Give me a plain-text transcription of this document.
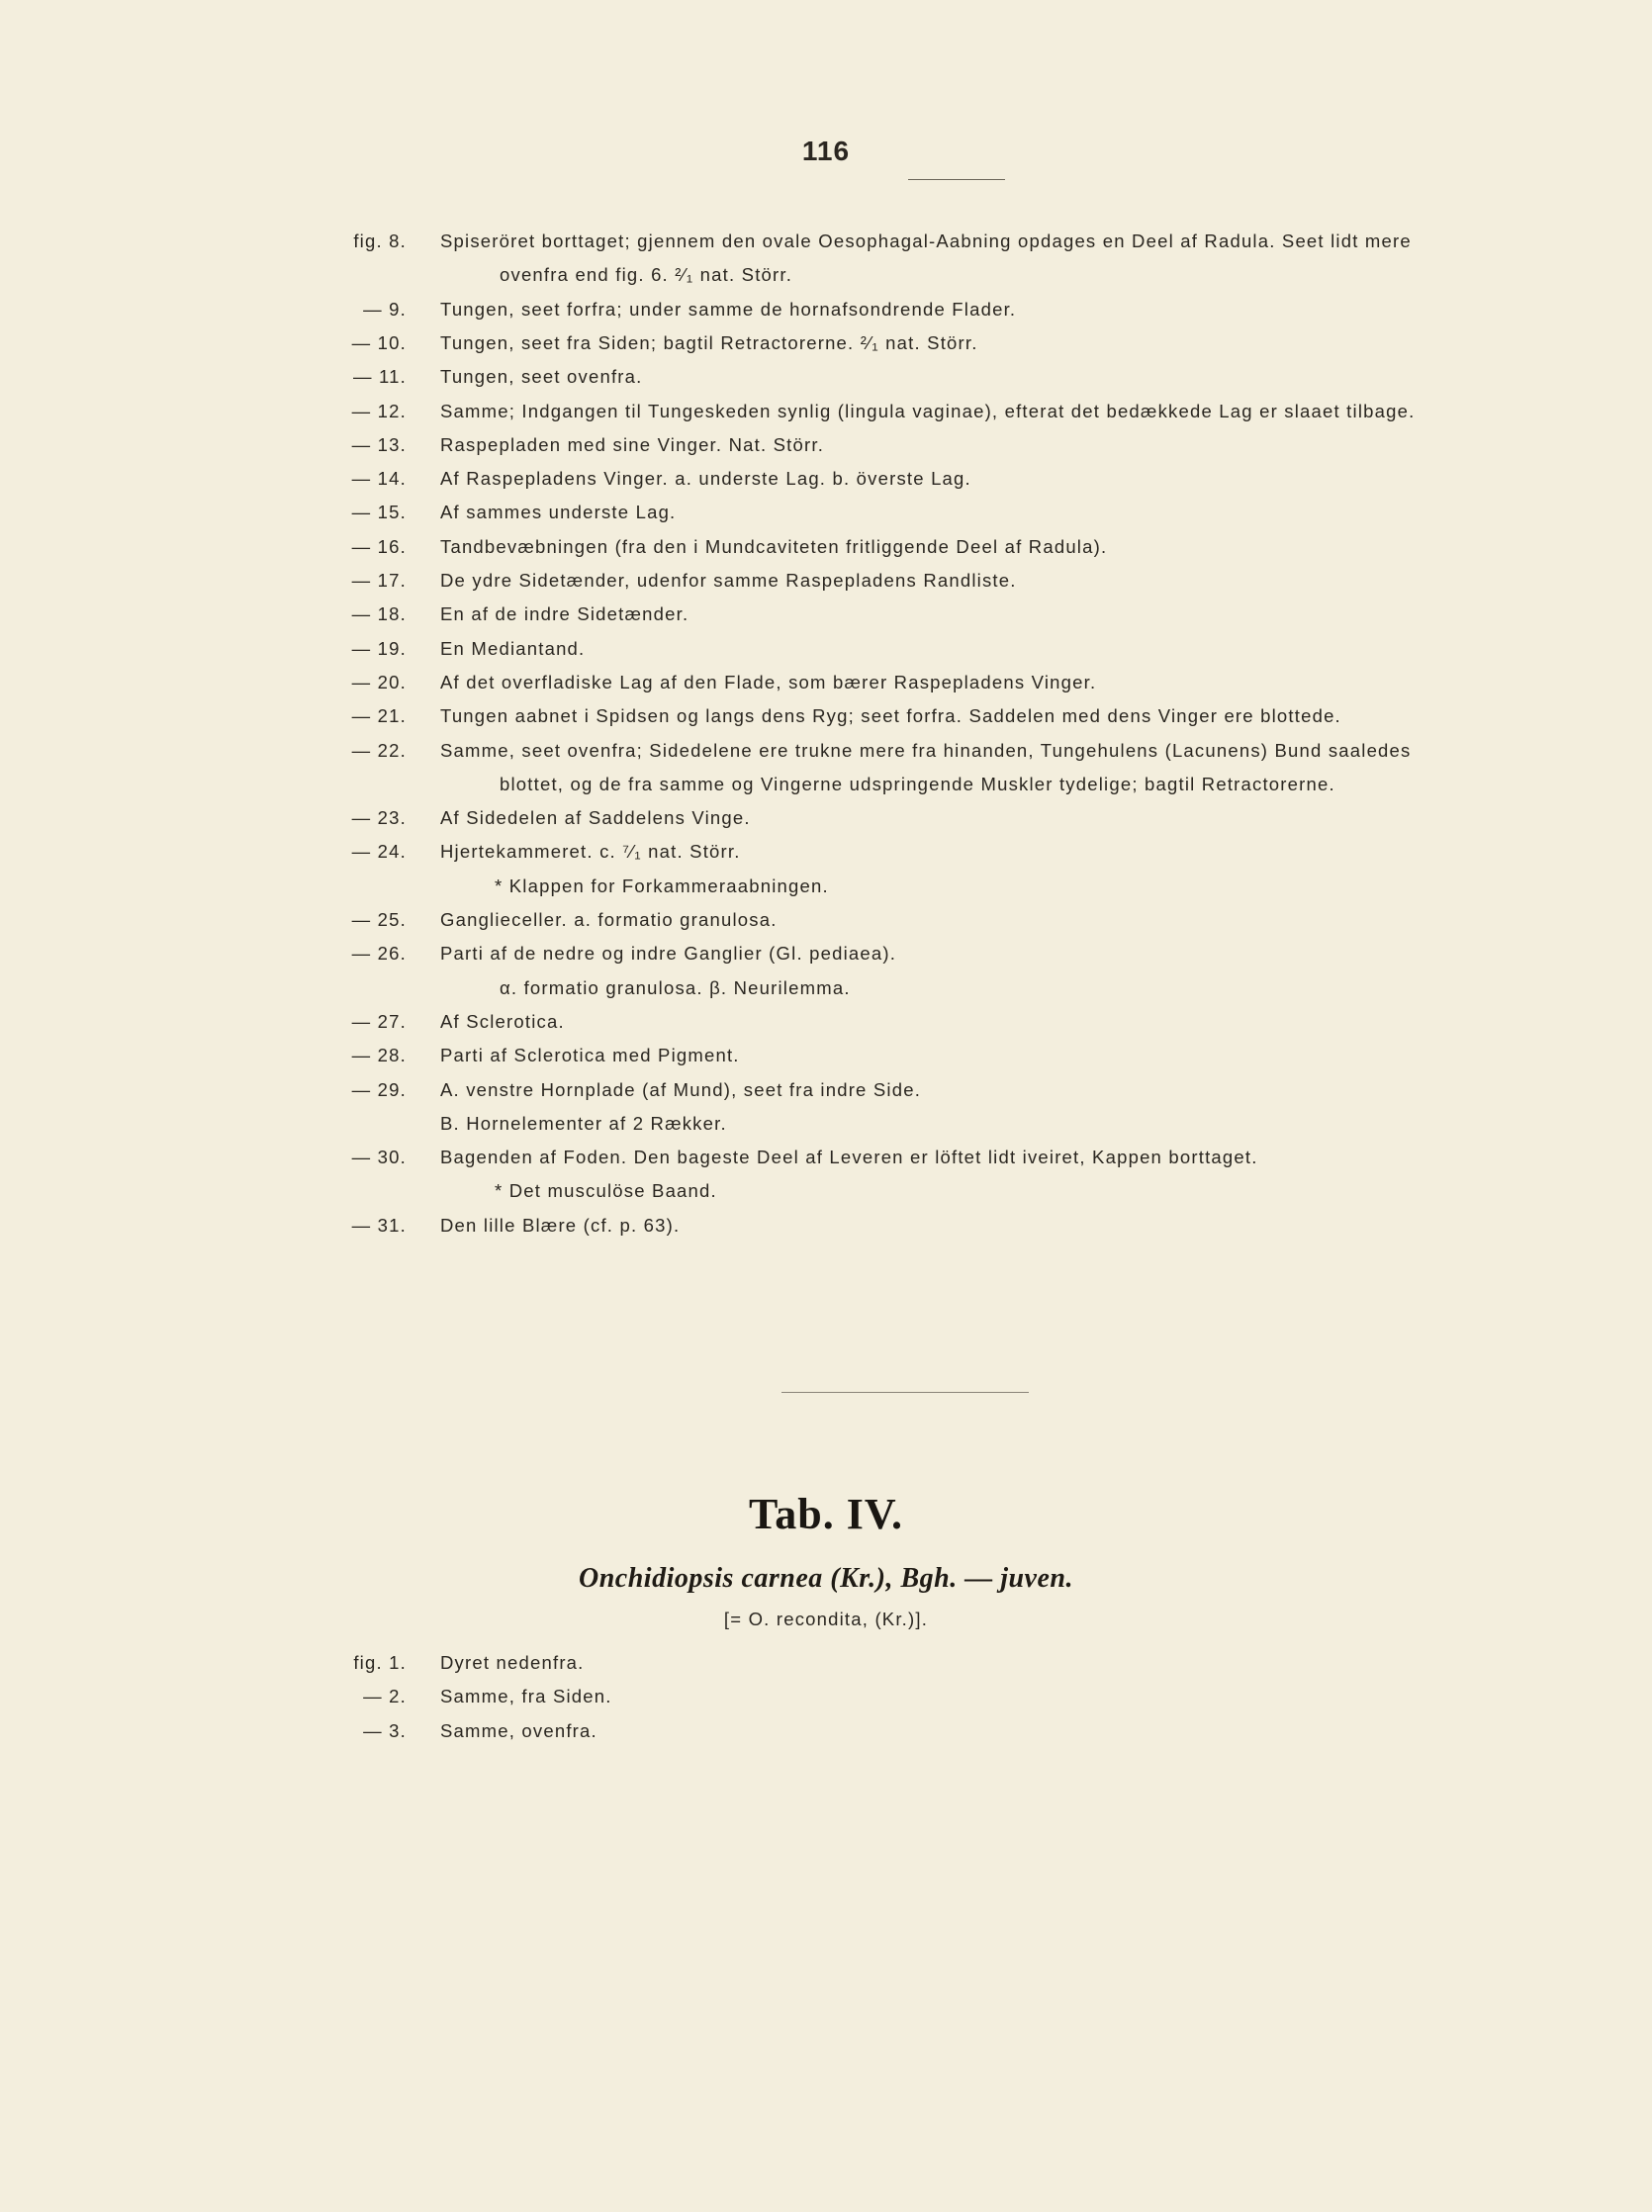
116
fig. 8. Spiseröret borttaget; gjennem den ovale Oesophagal-Aabning opdages en Deel af Radula. Seet lidt mere
ovenfra end fig. 6. ²⁄₁ nat. Störr.
— 9. Tungen, seet forfra; under samme de hornafsondrende Flader.
— 10. Tungen, seet fra Siden; bagtil Retractorerne. ²⁄₁ nat. Störr.
— 11. Tungen, seet ovenfra.
— 12. Samme; Indgangen til Tungeskeden synlig (lingula vaginae), efterat det bedækkede Lag er slaaet tilbage.
— 13. Raspepladen med sine Vinger. Nat. Störr.
— 14. Af Raspepladens Vinger. a. underste Lag. b. överste Lag.
— 15. Af sammes underste Lag.
— 16. Tandbevæbningen (fra den i Mundcaviteten fritliggende Deel af Radula).
— 17. De ydre Sidetænder, udenfor samme Raspepladens Randliste.
— 18. En af de indre Sidetænder.
— 19. En Mediantand.
— 20. Af det overfladiske Lag af den Flade, som bærer Raspepladens Vinger.
— 21. Tungen aabnet i Spidsen og langs dens Ryg; seet forfra. Saddelen med dens Vinger ere blottede.
— 22. Samme, seet ovenfra; Sidedelene ere trukne mere fra hinanden, Tungehulens (Lacunens) Bund saaledes
blottet, og de fra samme og Vingerne udspringende Muskler tydelige; bagtil Retractorerne.
— 23. Af Sidedelen af Saddelens Vinge.
— 24. Hjertekammeret. c. ⁷⁄₁ nat. Störr.
* Klappen for Forkammeraabningen.
— 25. Ganglieceller. a. formatio granulosa.
— 26. Parti af de nedre og indre Ganglier (Gl. pediaea).
α. formatio granulosa. β. Neurilemma.
— 27. Af Sclerotica.
— 28. Parti af Sclerotica med Pigment.
— 29. A. venstre Hornplade (af Mund), seet fra indre Side.
B. Hornelementer af 2 Rækker.
— 30. Bagenden af Foden. Den bageste Deel af Leveren er löftet lidt iveiret, Kappen borttaget.
* Det musculöse Baand.
— 31. Den lille Blære (cf. p. 63).
Tab. IV.
Onchidiopsis carnea (Kr.), Bgh. — juven.
[= O. recondita, (Kr.)].
fig. 1. Dyret nedenfra.
— 2. Samme, fra Siden.
— 3. Samme, ovenfra.
